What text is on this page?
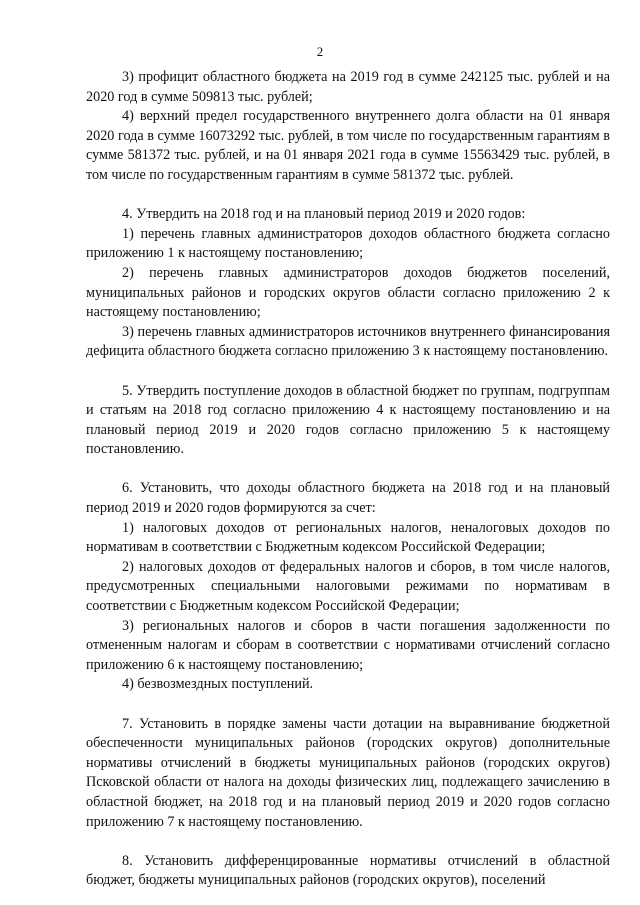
2

3) профицит областного бюджета на 2019 год в сумме 242125 тыс. рублей и на 2020 год в сумме 509813 тыс. рублей;

4) верхний предел государственного внутреннего долга области на 01 января 2020 года в сумме 16073292 тыс. рублей, в том числе по государственным гарантиям в сумме 581372 тыс. рублей, и на 01 января 2021 года в сумме 15563429 тыс. рублей, в том числе по государственным гарантиям в сумме 581372 тыс. рублей.

4. Утвердить на 2018 год и на плановый период 2019 и 2020 годов:

1) перечень главных администраторов доходов областного бюджета согласно приложению 1 к настоящему постановлению;

2) перечень главных администраторов доходов бюджетов поселений, муниципальных районов и городских округов области согласно приложению 2 к настоящему постановлению;

3) перечень главных администраторов источников внутреннего финансирования дефицита областного бюджета согласно приложению 3 к настоящему постановлению.

5. Утвердить поступление доходов в областной бюджет по группам, подгруппам и статьям на 2018 год согласно приложению 4 к настоящему постановлению и на плановый период 2019 и 2020 годов согласно приложению 5 к настоящему постановлению.

6. Установить, что доходы областного бюджета на 2018 год и на плановый период 2019 и 2020 годов формируются за счет:

1) налоговых доходов от региональных налогов, неналоговых доходов по нормативам в соответствии с Бюджетным кодексом Российской Федерации;

2) налоговых доходов от федеральных налогов и сборов, в том числе налогов, предусмотренных специальными налоговыми режимами по нормативам в соответствии с Бюджетным кодексом Российской Федерации;

3) региональных налогов и сборов в части погашения задолженности по отмененным налогам и сборам в соответствии с нормативами отчислений согласно приложению 6 к настоящему постановлению;

4) безвозмездных поступлений.

7. Установить в порядке замены части дотации на выравнивание бюджетной обеспеченности муниципальных районов (городских округов) дополнительные нормативы отчислений в бюджеты муниципальных районов (городских округов) Псковской области от налога на доходы физических лиц, подлежащего зачислению в областной бюджет, на 2018 год и на плановый период 2019 и 2020 годов согласно приложению 7 к настоящему постановлению.

8. Установить дифференцированные нормативы отчислений в областной бюджет, бюджеты муниципальных районов (городских округов), поселений
